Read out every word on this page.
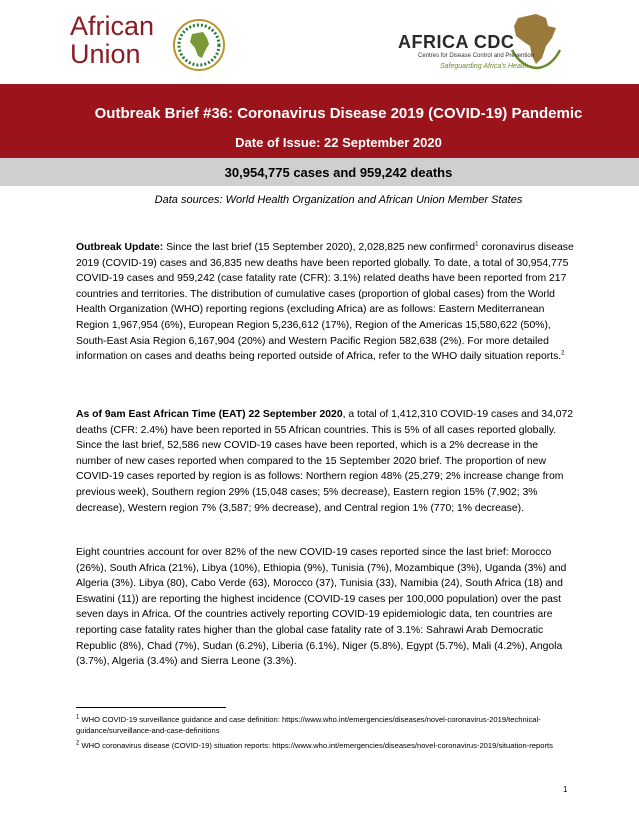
African
Union	AFRICA CDC
Centres for Disease Control and Prevention
Safeguarding Africa's Health
Outbreak Brief #36: Coronavirus Disease 2019 (COVID-19) Pandemic
Date of Issue: 22 September 2020
30,954,775 cases and 959,242 deaths
Data sources: World Health Organization and African Union Member States
Outbreak Update: Since the last brief (15 September 2020), 2,028,825 new confirmed$^1$ coronavirus disease 2019 (COVID-19) cases and 36,835 new deaths have been reported globally. To date, a total of 30,954,775 COVID-19 cases and 959,242 (case fatality rate (CFR): 3.1%) related deaths have been reported from 217 countries and territories. The distribution of cumulative cases (proportion of global cases) from the World Health Organization (WHO) reporting regions (excluding Africa) are as follows: Eastern Mediterranean Region 1,967,954 (6%), European Region 5,236,612 (17%), Region of the Americas 15,580,622 (50%), South-East Asia Region 6,167,904 (20%) and Western Pacific Region 582,638 (2%). For more detailed information on cases and deaths being reported outside of Africa, refer to the WHO daily situation reports.$^2$
As of 9am East African Time (EAT) 22 September 2020, a total of 1,412,310 COVID-19 cases and 34,072 deaths (CFR: 2.4%) have been reported in 55 African countries. This is 5% of all cases reported globally. Since the last brief, 52,586 new COVID-19 cases have been reported, which is a 2% decrease in the number of new cases reported when compared to the 15 September 2020 brief. The proportion of new COVID-19 cases reported by region is as follows: Northern region 48% (25,279; 2% increase change from previous week), Southern region 29% (15,048 cases; 5% decrease), Eastern region 15% (7,902; 3% decrease), Western region 7% (3,587; 9% decrease), and Central region 1% (770; 1% decrease).
Eight countries account for over 82% of the new COVID-19 cases reported since the last brief: Morocco (26%), South Africa (21%), Libya (10%), Ethiopia (9%), Tunisia (7%), Mozambique (3%), Uganda (3%) and Algeria (3%). Libya (80), Cabo Verde (63), Morocco (37), Tunisia (33), Namibia (24), South Africa (18) and Eswatini (11)) are reporting the highest incidence (COVID-19 cases per 100,000 population) over the past seven days in Africa. Of the countries actively reporting COVID-19 epidemiologic data, ten countries are reporting case fatality rates higher than the global case fatality rate of 3.1%: Sahrawi Arab Democratic Republic (8%), Chad (7%), Sudan (6.2%), Liberia (6.1%), Niger (5.8%), Egypt (5.7%), Mali (4.2%), Angola (3.7%), Algeria (3.4%) and Sierra Leone (3.3%).
$^1$ WHO COVID-19 surveillance guidance and case definition: https://www.who.int/emergencies/diseases/novel-coronavirus-2019/technical-guidance/surveillance-and-case-definitions
$^2$ WHO coronavirus disease (COVID-19) situation reports: https://www.who.int/emergencies/diseases/novel-coronavirus-2019/situation-reports
1
